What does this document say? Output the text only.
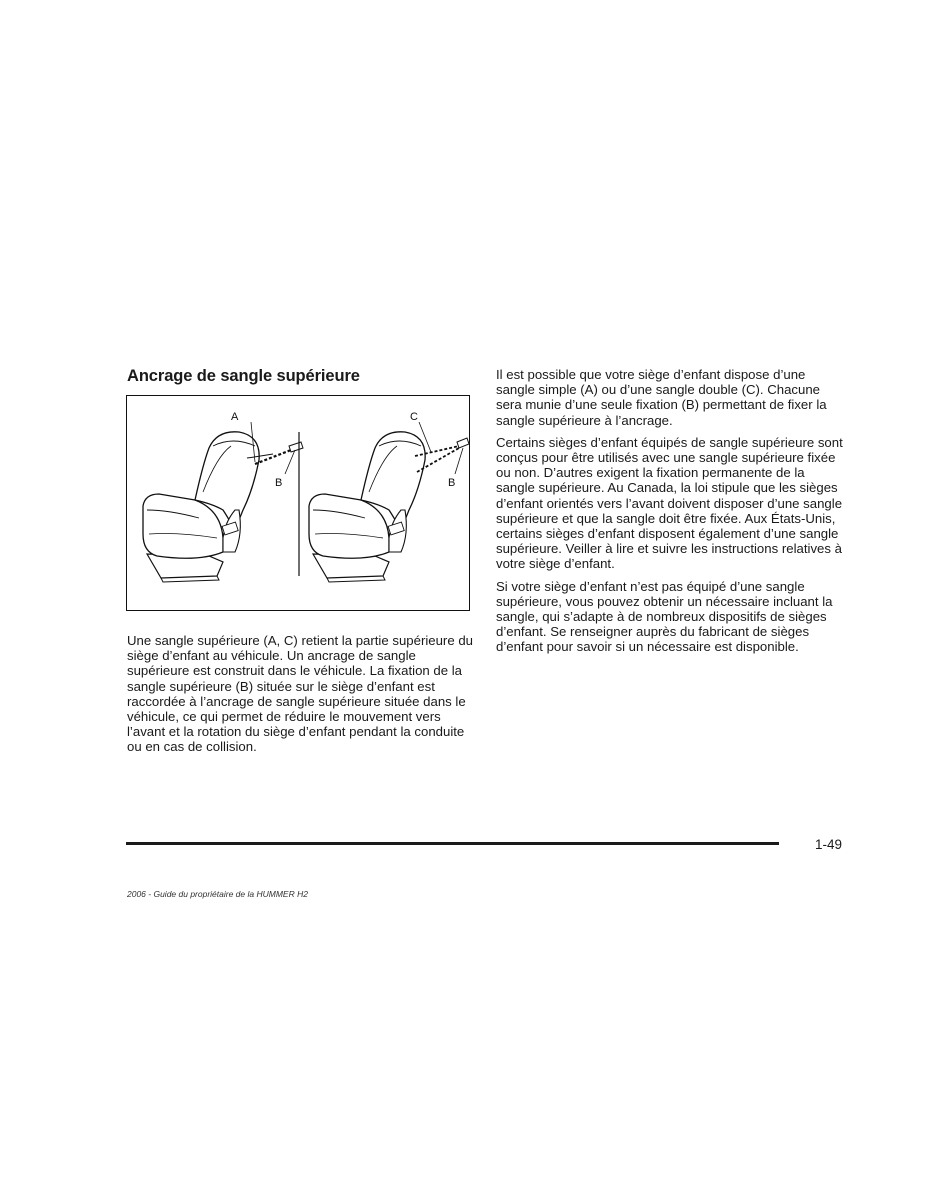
Ancrage de sangle supérieure
A
B
C
B

Une sangle supérieure (A, C) retient la partie supérieure du siège d’enfant au véhicule. Un ancrage de sangle supérieure est construit dans le véhicule. La fixation de la sangle supérieure (B) située sur le siège d’enfant est raccordée à l’ancrage de sangle supérieure située dans le véhicule, ce qui permet de réduire le mouvement vers l’avant et la rotation du siège d’enfant pendant la conduite ou en cas de collision.

Il est possible que votre siège d’enfant dispose d’une sangle simple (A) ou d’une sangle double (C). Chacune sera munie d’une seule fixation (B) permettant de fixer la sangle supérieure à l’ancrage.

Certains sièges d’enfant équipés de sangle supérieure sont conçus pour être utilisés avec une sangle supérieure fixée ou non. D’autres exigent la fixation permanente de la sangle supérieure. Au Canada, la loi stipule que les sièges d’enfant orientés vers l’avant doivent disposer d’une sangle supérieure et que la sangle doit être fixée. Aux États-Unis, certains sièges d’enfant disposent également d’une sangle supérieure. Veiller à lire et suivre les instructions relatives à votre siège d’enfant.

Si votre siège d’enfant n’est pas équipé d’une sangle supérieure, vous pouvez obtenir un nécessaire incluant la sangle, qui s’adapte à de nombreux dispositifs de sièges d’enfant. Se renseigner auprès du fabricant de sièges d’enfant pour savoir si un nécessaire est disponible.

1-49
2006 - Guide du propriétaire de la HUMMER H2
